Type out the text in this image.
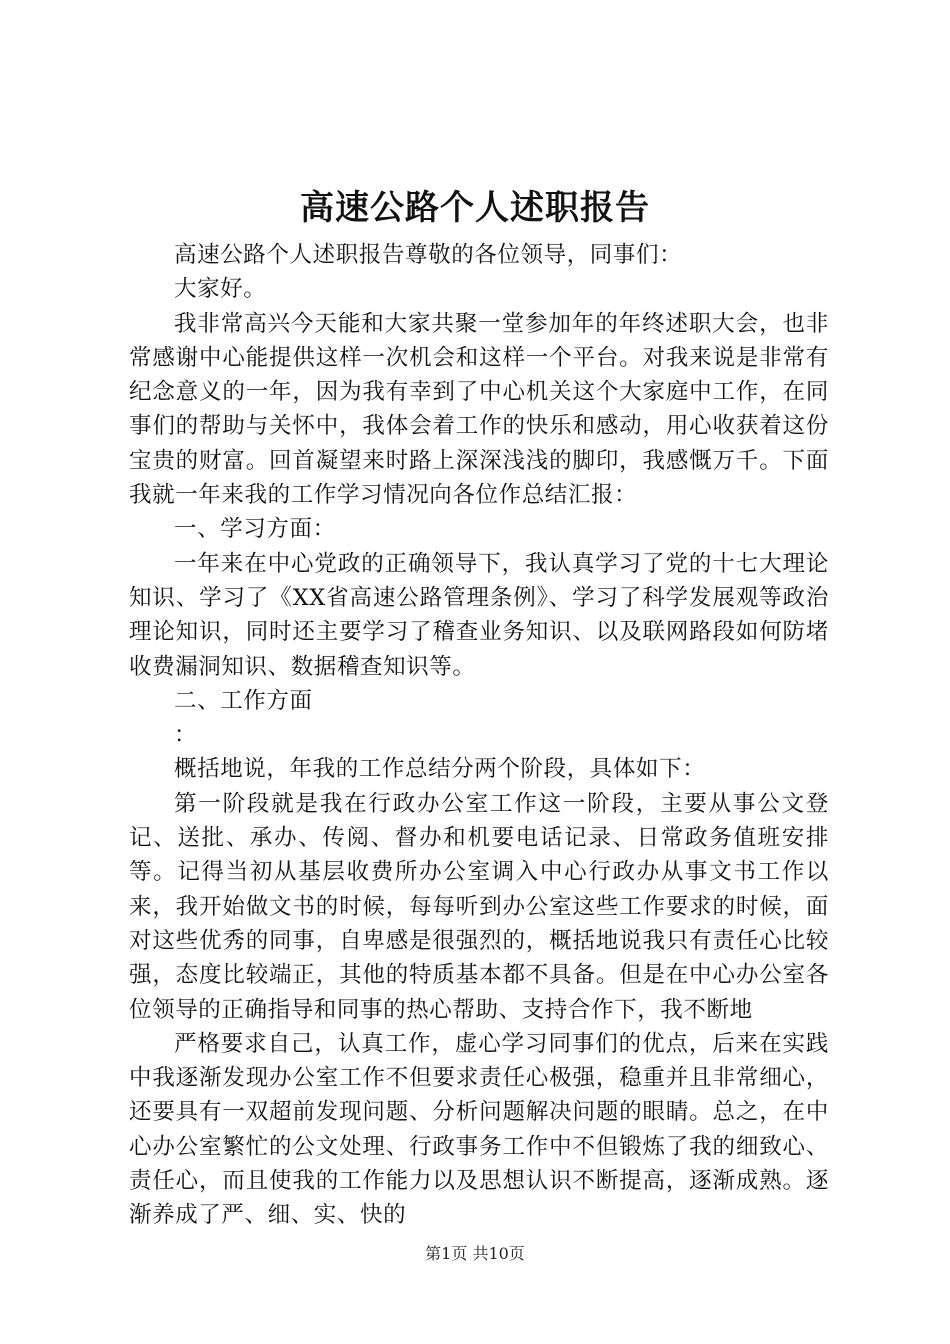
高速公路个人述职报告

高速公路个人述职报告尊敬的各位领导，同事们：

大家好。

我非常高兴今天能和大家共聚一堂参加年的年终述职大会，也非常感谢中心能提供这样一次机会和这样一个平台。对我来说是非常有纪念意义的一年，因为我有幸到了中心机关这个大家庭中工作，在同事们的帮助与关怀中，我体会着工作的快乐和感动，用心收获着这份宝贵的财富。回首凝望来时路上深深浅浅的脚印，我感慨万千。下面我就一年来我的工作学习情况向各位作总结汇报：

一、学习方面：

一年来在中心党政的正确领导下，我认真学习了党的十七大理论知识、学习了《XX省高速公路管理条例》、学习了科学发展观等政治理论知识，同时还主要学习了稽查业务知识、以及联网路段如何防堵收费漏洞知识、数据稽查知识等。

二、工作方面

：

概括地说，年我的工作总结分两个阶段，具体如下：

第一阶段就是我在行政办公室工作这一阶段，主要从事公文登记、送批、承办、传阅、督办和机要电话记录、日常政务值班安排等。记得当初从基层收费所办公室调入中心行政办从事文书工作以来，我开始做文书的时候，每每听到办公室这些工作要求的时候，面对这些优秀的同事，自卑感是很强烈的，概括地说我只有责任心比较强，态度比较端正，其他的特质基本都不具备。但是在中心办公室各位领导的正确指导和同事的热心帮助、支持合作下，我不断地

严格要求自己，认真工作，虚心学习同事们的优点，后来在实践中我逐渐发现办公室工作不但要求责任心极强，稳重并且非常细心，还要具有一双超前发现问题、分析问题解决问题的眼睛。总之，在中心办公室繁忙的公文处理、行政事务工作中不但锻炼了我的细致心、责任心，而且使我的工作能力以及思想认识不断提高，逐渐成熟。逐渐养成了严、细、实、快的

第1页 共10页
